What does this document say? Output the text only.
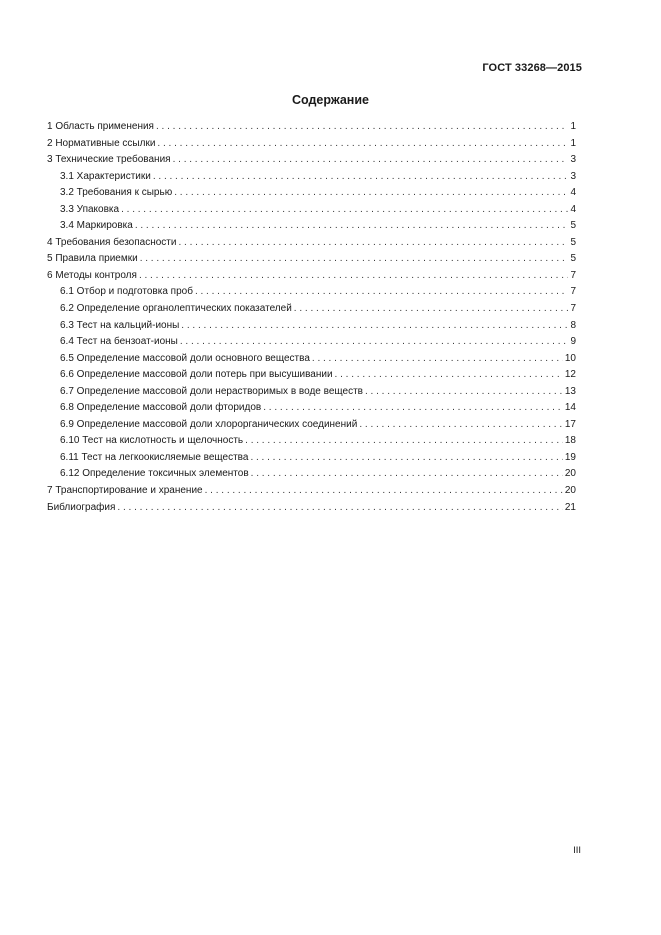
ГОСТ 33268—2015
Содержание
1 Область применения . . .	1
2 Нормативные ссылки . . .	1
3 Технические требования . . .	3
3.1 Характеристики . . .	3
3.2 Требования к сырью . . .	4
3.3 Упаковка . . .	4
3.4 Маркировка . . .	5
4 Требования безопасности . . .	5
5 Правила приемки . . .	5
6 Методы контроля . . .	7
6.1 Отбор и подготовка проб . . .	7
6.2 Определение органолептических показателей . . .	7
6.3 Тест на кальций-ионы . . .	8
6.4 Тест на бензоат-ионы . . .	9
6.5 Определение массовой доли основного вещества . . .	10
6.6 Определение массовой доли потерь при высушивании . . .	12
6.7 Определение массовой доли нерастворимых в воде веществ . . .	13
6.8 Определение массовой доли фторидов . . .	14
6.9 Определение массовой доли хлорорганических соединений . . .	17
6.10 Тест на кислотность и щелочность . . .	18
6.11 Тест на легкоокисляемые вещества . . .	19
6.12 Определение токсичных элементов . . .	20
7 Транспортирование и хранение . . .	20
Библиография . . .	21
III
